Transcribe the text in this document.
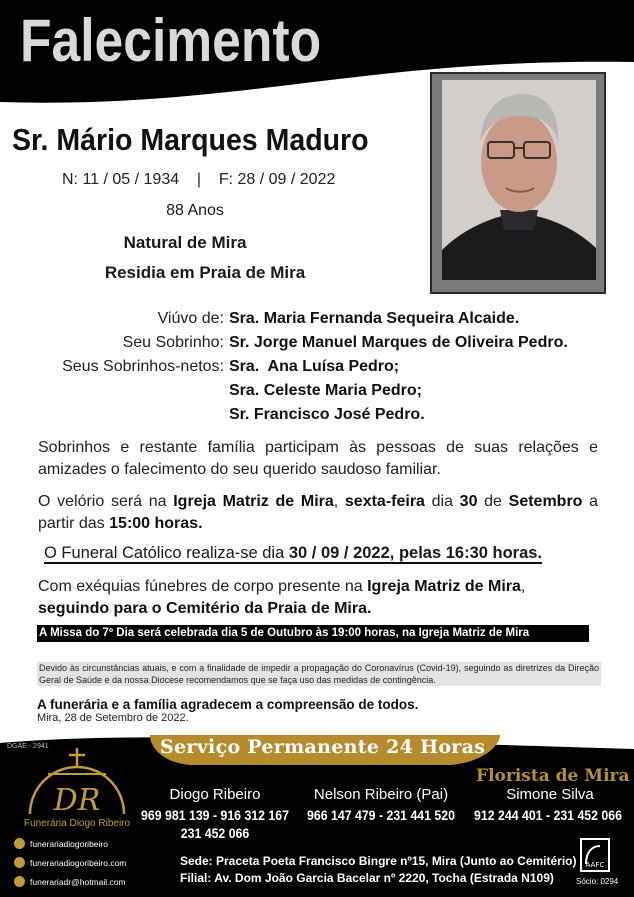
Falecimento
Sr. Mário Marques Maduro
N: 11 / 05 / 1934    |    F: 28 / 09 / 2022
88 Anos
Natural de Mira
Residia em Praia de Mira
Viúvo de: Sra. Maria Fernanda Sequeira Alcaide.
Seu Sobrinho: Sr. Jorge Manuel Marques de Oliveira Pedro.
Seus Sobrinhos-netos: Sra.  Ana Luísa Pedro;
Sra. Celeste Maria Pedro;
Sr. Francisco José Pedro.
Sobrinhos e restante família participam às pessoas de suas relações e amizades o falecimento do seu querido saudoso familiar.
O velório será na Igreja Matriz de Mira, sexta-feira dia 30 de Setembro a partir das 15:00 horas.
O Funeral Católico realiza-se dia 30 / 09 / 2022, pelas 16:30 horas.
Com exéquias fúnebres de corpo presente na Igreja Matriz de Mira,
seguindo para o Cemitério da Praia de Mira.
A Missa do 7º Dia será celebrada dia 5 de Outubro às 19:00 horas, na Igreja Matriz de Mira
Devido às circunstâncias atuais, e com a finalidade de impedir a propagação do Coronavírus (Covid-19), seguindo as diretrizes da Direção Geral de Saúde e da nossa Diocese recomendamos que se faça uso das medidas de contingência.
A funerária e a família agradecem a compreensão de todos.
Mira, 28 de Setembro de 2022.
DGAE - 2941	Serviço Permanente 24 Horas
DR
Funerária Diogo Ribeiro
funerariadiogoribeiro
funerariadiogoribeiro.com
funerariadr@hotmail.com
Florista de Mira
Diogo Ribeiro
969 981 139 - 916 312 167
231 452 066
Nelson Ribeiro (Pai)
966 147 479 - 231 441 520
Simone Silva
912 244 401 - 231 452 066
Sede: Praceta Poeta Francisco Bingre nº15, Mira (Junto ao Cemitério)
Filial: Av. Dom João Garcia Bacelar nº 2220, Tocha (Estrada N109)
AAFC
Sócio: 0294
